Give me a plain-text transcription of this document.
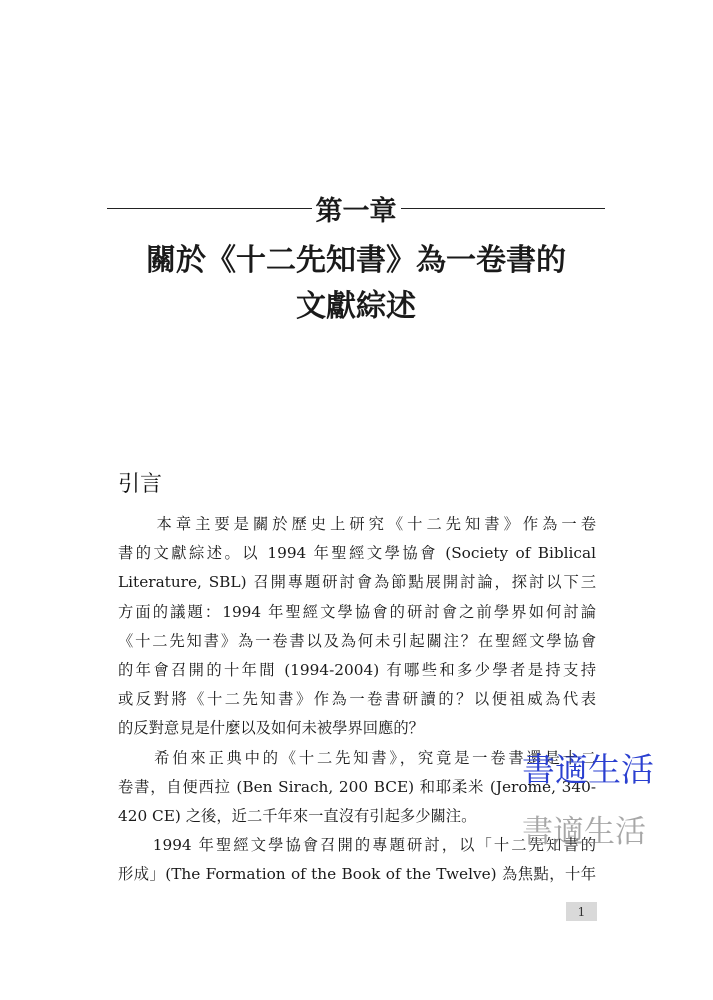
第一章
關於《十二先知書》為一卷書的
文獻綜述
引言
　　本章主要是關於歷史上研究《十二先知書》作為一卷
書的文獻綜述。以 1994 年聖經文學協會 (Society of Biblical
Literature, SBL) 召開專題研討會為節點展開討論，探討以下三
方面的議題：1994 年聖經文學協會的研討會之前學界如何討論
《十二先知書》為一卷書以及為何未引起關注？在聖經文學協會
的年會召開的十年間 (1994-2004) 有哪些和多少學者是持支持
或反對將《十二先知書》作為一卷書研讀的？以便祖威為代表
的反對意見是什麼以及如何未被學界回應的？
　　希伯來正典中的《十二先知書》，究竟是一卷書還是十二
卷書，自便西拉 (Ben Sirach, 200 BCE) 和耶柔米 (Jerome, 340-
420 CE) 之後，近二千年來一直沒有引起多少關注。
　　1994 年聖經文學協會召開的專題研討，以「十二先知書的
形成」(The Formation of the Book of the Twelve) 為焦點，十年
書適生活
書適生活
1
